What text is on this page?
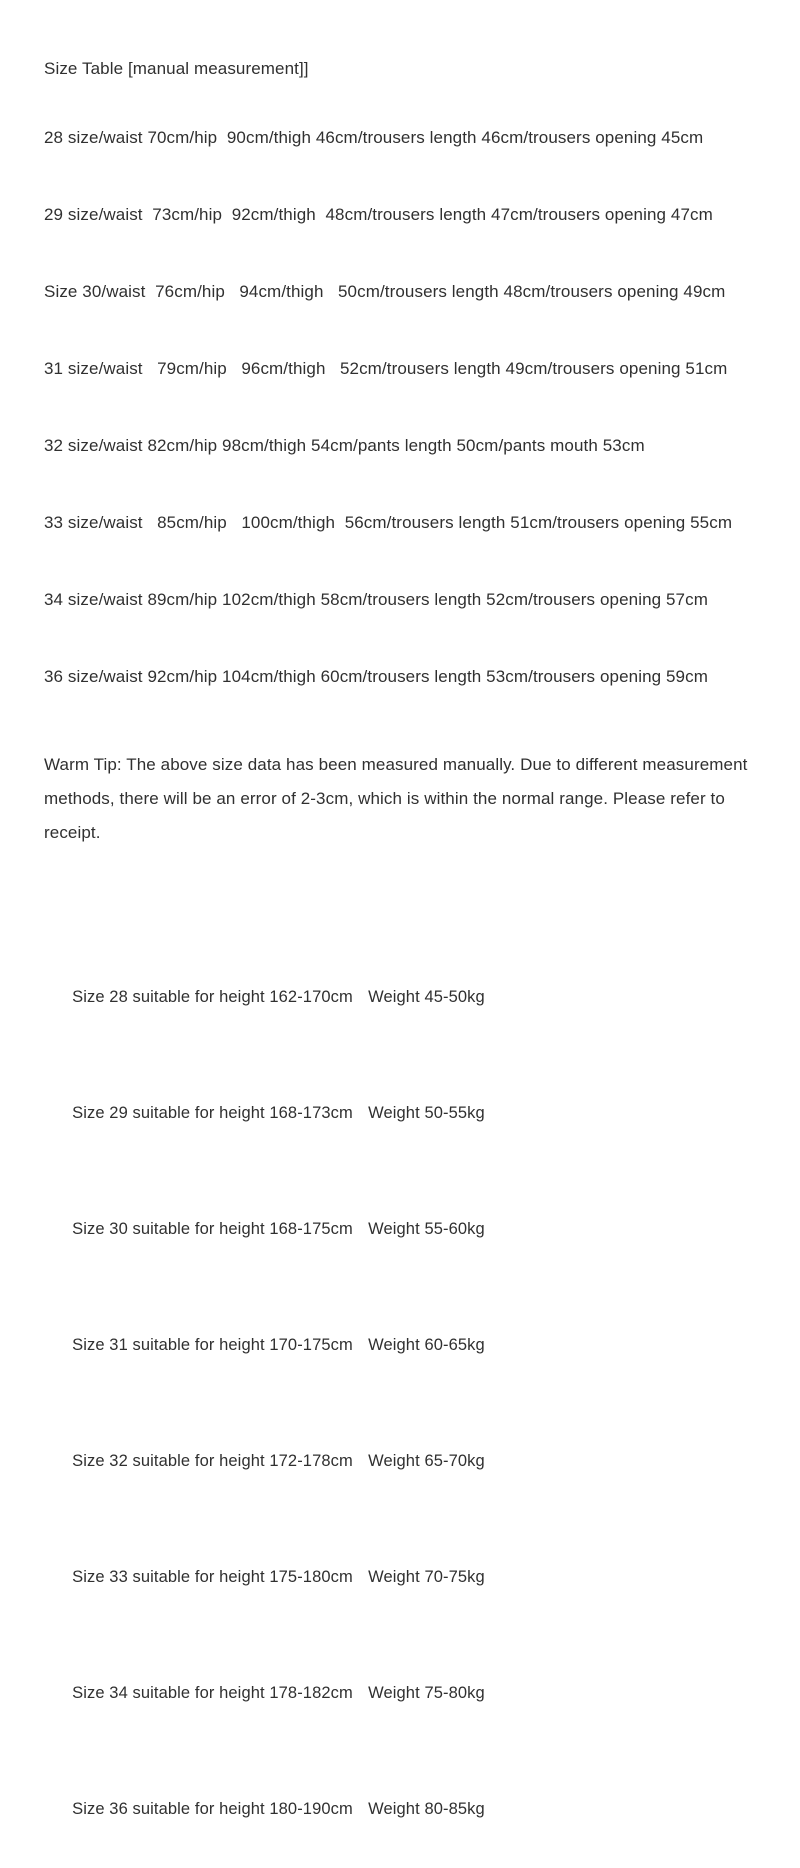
Size Table [manual measurement]]

28 size/waist 70cm/hip  90cm/thigh 46cm/trousers length 46cm/trousers opening 45cm

29 size/waist  73cm/hip  92cm/thigh  48cm/trousers length 47cm/trousers opening 47cm

Size 30/waist  76cm/hip   94cm/thigh   50cm/trousers length 48cm/trousers opening 49cm

31 size/waist   79cm/hip   96cm/thigh   52cm/trousers length 49cm/trousers opening 51cm

32 size/waist 82cm/hip 98cm/thigh 54cm/pants length 50cm/pants mouth 53cm

33 size/waist   85cm/hip   100cm/thigh  56cm/trousers length 51cm/trousers opening 55cm

34 size/waist 89cm/hip 102cm/thigh 58cm/trousers length 52cm/trousers opening 57cm

36 size/waist 92cm/hip 104cm/thigh 60cm/trousers length 53cm/trousers opening 59cm

Warm Tip: The above size data has been measured manually. Due to different measurement
methods, there will be an error of 2-3cm, which is within the normal range. Please refer to receipt.

Size 28 suitable for height 162-170cm Weight 45-50kg

Size 29 suitable for height 168-173cm Weight 50-55kg

Size 30 suitable for height 168-175cm Weight 55-60kg

Size 31 suitable for height 170-175cm Weight 60-65kg

Size 32 suitable for height 172-178cm Weight 65-70kg

Size 33 suitable for height 175-180cm Weight 70-75kg

Size 34 suitable for height 178-182cm Weight 75-80kg

Size 36 suitable for height 180-190cm Weight 80-85kg
